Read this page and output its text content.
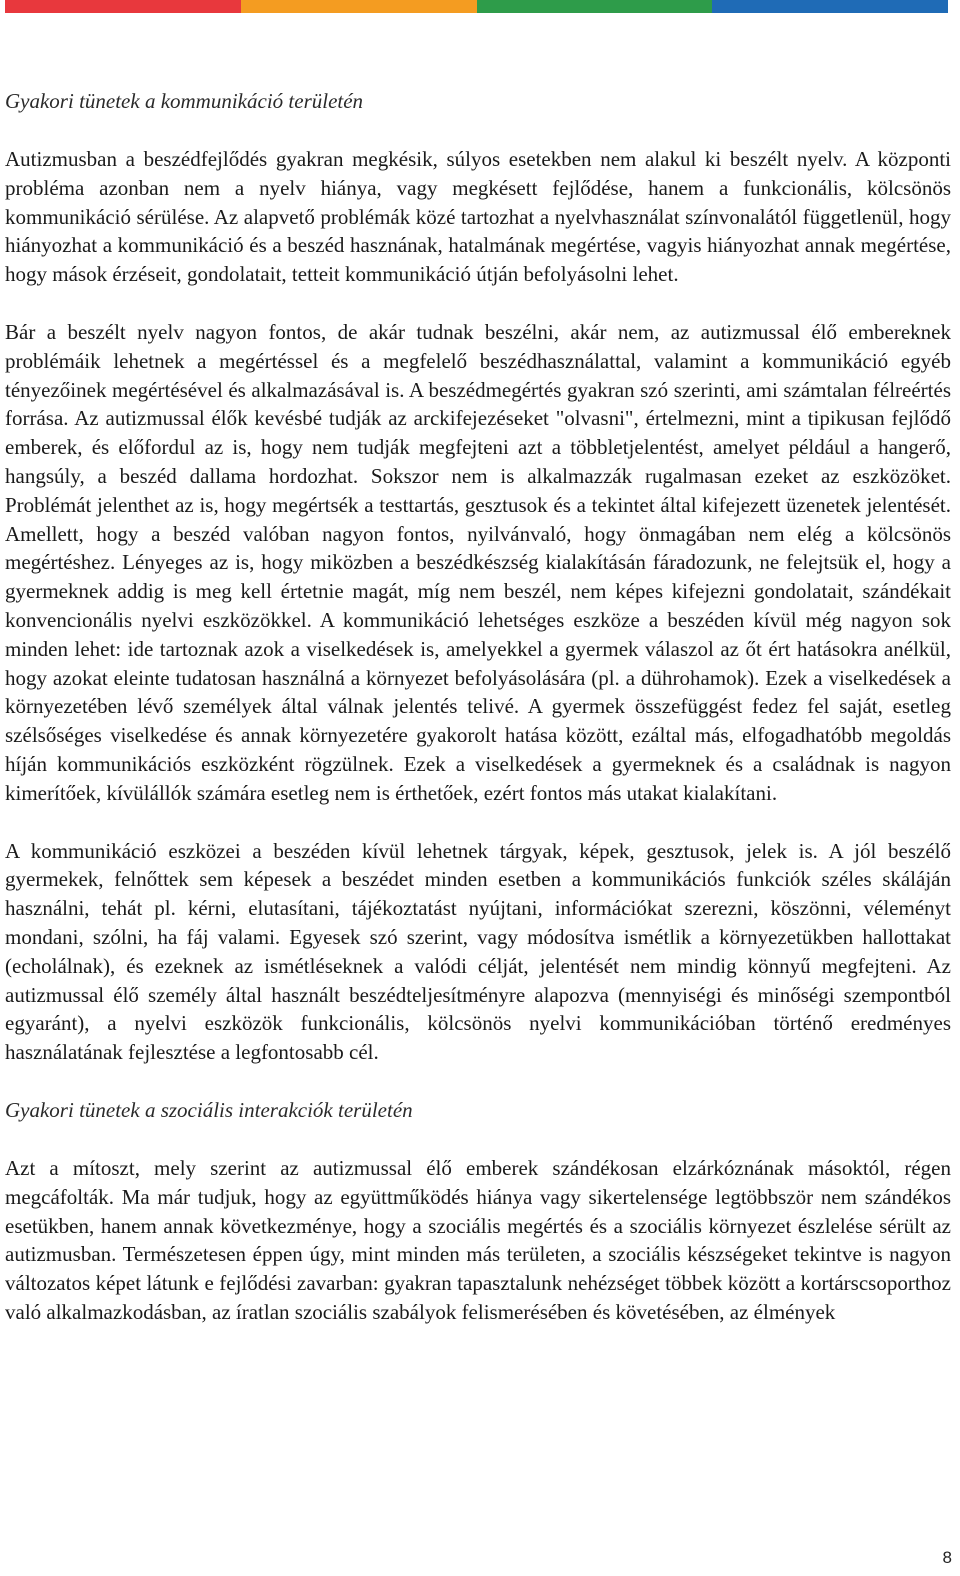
Gyakori tünetek a kommunikáció területén

Autizmusban a beszédfejlődés gyakran megkésik, súlyos esetekben nem alakul ki beszélt nyelv. A központi probléma azonban nem a nyelv hiánya, vagy megkésett fejlődése, hanem a funkcionális, kölcsönös kommunikáció sérülése. Az alapvető problémák közé tartozhat a nyelvhasználat színvonalától függetlenül, hogy hiányozhat a kommunikáció és a beszéd hasznának, hatalmának megértése, vagyis hiányozhat annak megértése, hogy mások érzéseit, gondolatait, tetteit kommunikáció útján befolyásolni lehet.

Bár a beszélt nyelv nagyon fontos, de akár tudnak beszélni, akár nem, az autizmussal élő embereknek problémáik lehetnek a megértéssel és a megfelelő beszédhasználattal, valamint a kommunikáció egyéb tényezőinek megértésével és alkalmazásával is. A beszédmegértés gyakran szó szerinti, ami számtalan félreértés forrása. Az autizmussal élők kevésbé tudják az arckifejezéseket "olvasni", értelmezni, mint a tipikusan fejlődő emberek, és előfordul az is, hogy nem tudják megfejteni azt a többletjelentést, amelyet például a hangerő, hangsúly, a beszéd dallama hordozhat. Sokszor nem is alkalmazzák rugalmasan ezeket az eszközöket. Problémát jelenthet az is, hogy megértsék a testtartás, gesztusok és a tekintet által kifejezett üzenetek jelentését. Amellett, hogy a beszéd valóban nagyon fontos, nyilvánvaló, hogy önmagában nem elég a kölcsönös megértéshez. Lényeges az is, hogy miközben a beszédkészség kialakításán fáradozunk, ne felejtsük el, hogy a gyermeknek addig is meg kell értetnie magát, míg nem beszél, nem képes kifejezni gondolatait, szándékait konvencionális nyelvi eszközökkel. A kommunikáció lehetséges eszköze a beszéden kívül még nagyon sok minden lehet: ide tartoznak azok a viselkedések is, amelyekkel a gyermek válaszol az őt ért hatásokra anélkül, hogy azokat eleinte tudatosan használná a környezet befolyásolására (pl. a dührohamok). Ezek a viselkedések a környezetében lévő személyek által válnak jelentés telivé. A gyermek összefüggést fedez fel saját, esetleg szélsőséges viselkedése és annak környezetére gyakorolt hatása között, ezáltal más, elfogadhatóbb megoldás híján kommunikációs eszközként rögzülnek. Ezek a viselkedések a gyermeknek és a családnak is nagyon kimerítőek, kívülállók számára esetleg nem is érthetőek, ezért fontos más utakat kialakítani.

A kommunikáció eszközei a beszéden kívül lehetnek tárgyak, képek, gesztusok, jelek is. A jól beszélő gyermekek, felnőttek sem képesek a beszédet minden esetben a kommunikációs funkciók széles skáláján használni, tehát pl. kérni, elutasítani, tájékoztatást nyújtani, információkat szerezni, köszönni, véleményt mondani, szólni, ha fáj valami. Egyesek szó szerint, vagy módosítva ismétlik a környezetükben hallottakat (echolálnak), és ezeknek az ismétléseknek a valódi célját, jelentését nem mindig könnyű megfejteni. Az autizmussal élő személy által használt beszédteljesítményre alapozva (mennyiségi és minőségi szempontból egyaránt), a nyelvi eszközök funkcionális, kölcsönös nyelvi kommunikációban történő eredményes használatának fejlesztése a legfontosabb cél.

Gyakori tünetek a szociális interakciók területén

Azt a mítoszt, mely szerint az autizmussal élő emberek szándékosan elzárkóznának másoktól, régen megcáfolták. Ma már tudjuk, hogy az együttműködés hiánya vagy sikertelensége legtöbbször nem szándékos esetükben, hanem annak következménye, hogy a szociális megértés és a szociális környezet észlelése sérült az autizmusban. Természetesen éppen úgy, mint minden más területen, a szociális készségeket tekintve is nagyon változatos képet látunk e fejlődési zavarban: gyakran tapasztalunk nehézséget többek között a kortárscsoporthoz való alkalmazkodásban, az íratlan szociális szabályok felismerésében és követésében, az élmények

8
